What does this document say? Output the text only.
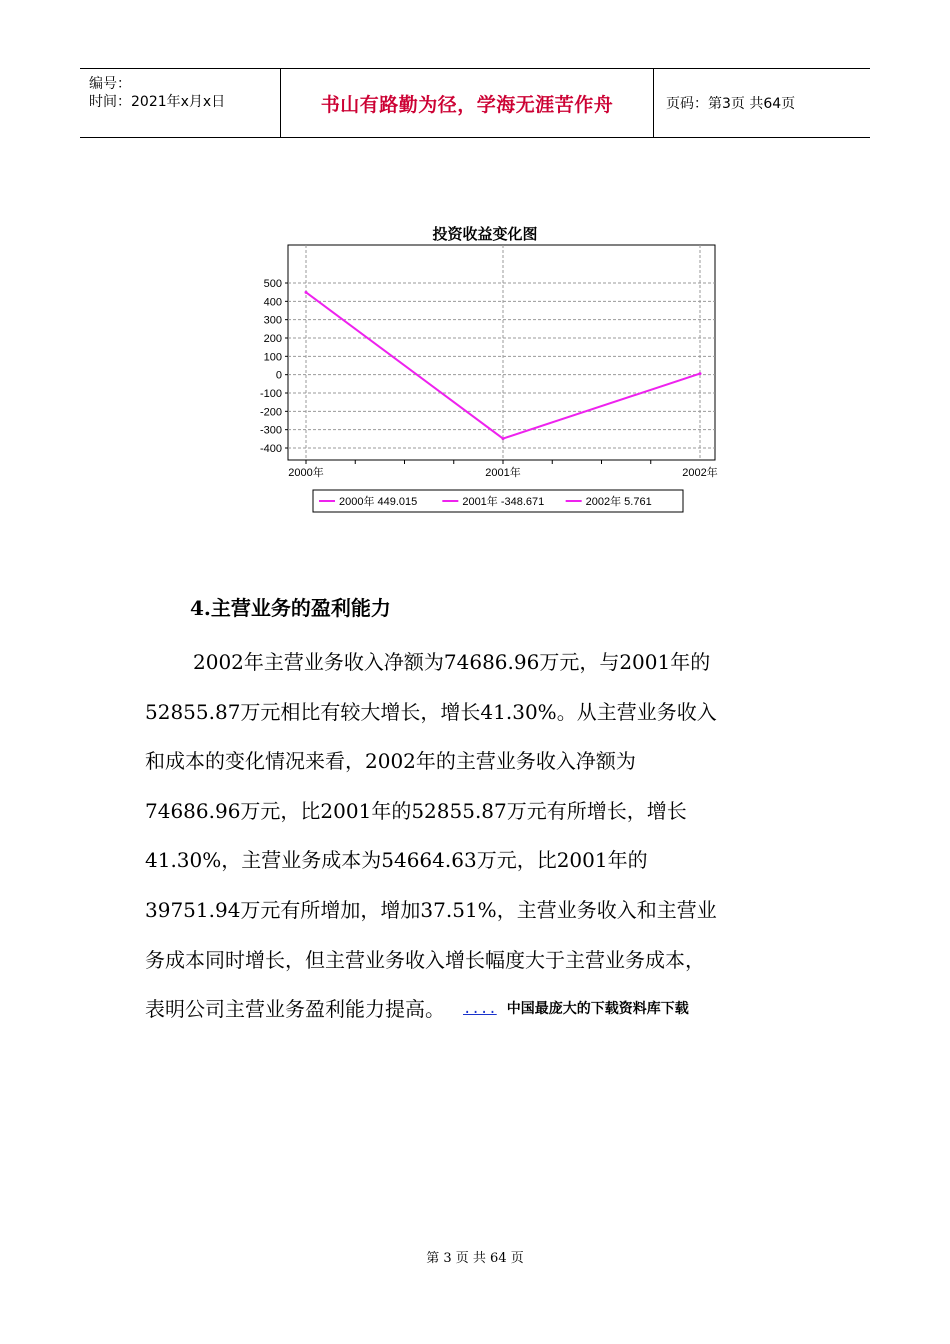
编号：
时间：2021年x月x日	书山有路勤为径，学海无涯苦作舟	页码：第3页 共64页
投资收益变化图
500
400
300
200
100
0
-100
-200
-300
-400
2000年	2001年	2002年
2000年 449.015	2001年 -348.671	2002年 5.761
4.主营业务的盈利能力
2002年主营业务收入净额为74686.96万元，与2001年的
52855.87万元相比有较大增长，增长41.30%。从主营业务收入
和成本的变化情况来看，2002年的主营业务收入净额为
74686.96万元，比2001年的52855.87万元有所增长，增长
41.30%，主营业务成本为54664.63万元，比2001年的
39751.94万元有所增加，增加37.51%，主营业务收入和主营业
务成本同时增长，但主营业务收入增长幅度大于主营业务成本，
表明公司主营业务盈利能力提高。 .... 中国最庞大的下载资料库下载
第 3 页 共 64 页
